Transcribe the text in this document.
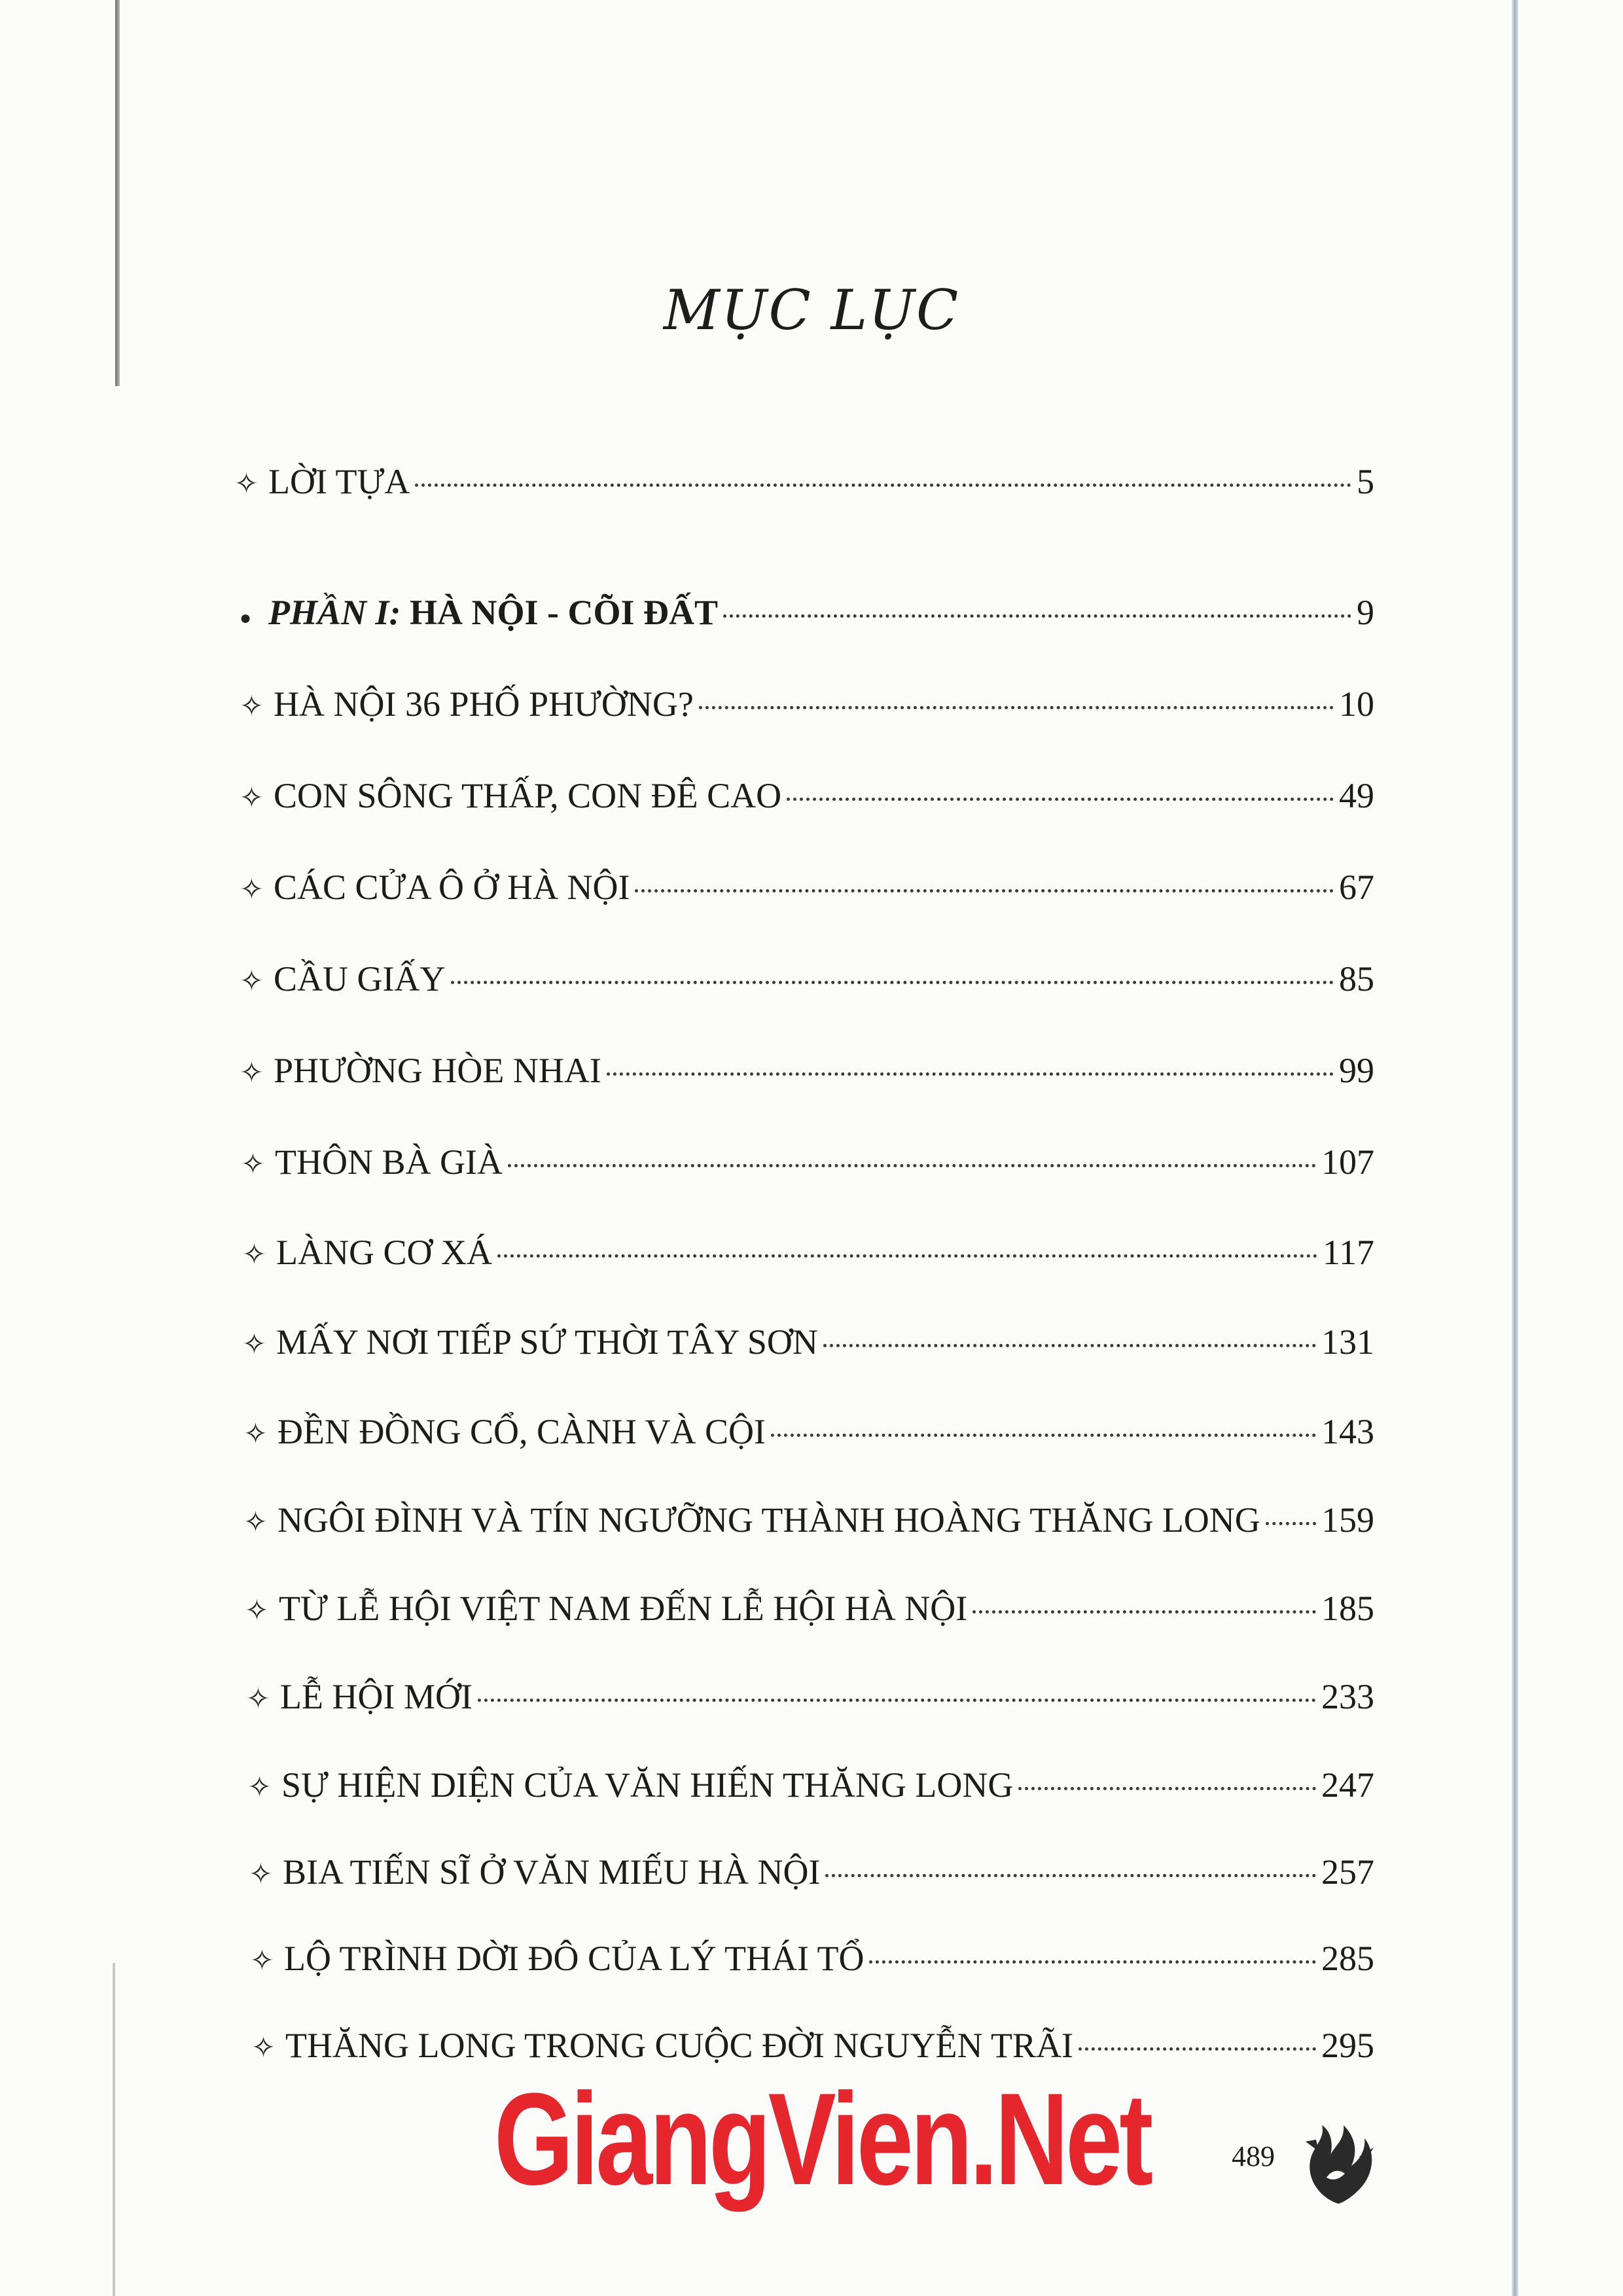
MỤC LỤC
✧ LỜI TỰA	5
● PHẦN I: HÀ NỘI - CÕI ĐẤT	9
✧ HÀ NỘI 36 PHỐ PHƯỜNG?	10
✧ CON SÔNG THẤP, CON ĐÊ CAO	49
✧ CÁC CỬA Ô Ở HÀ NỘI	67
✧ CẦU GIẤY	85
✧ PHƯỜNG HÒE NHAI	99
✧ THÔN BÀ GIÀ	107
✧ LÀNG CƠ XÁ	117
✧ MẤY NƠI TIẾP SỨ THỜI TÂY SƠN	131
✧ ĐỀN ĐỒNG CỔ, CÀNH VÀ CỘI	143
✧ NGÔI ĐÌNH VÀ TÍN NGƯỠNG THÀNH HOÀNG THĂNG LONG 159
✧ TỪ LỄ HỘI VIỆT NAM ĐẾN LỄ HỘI HÀ NỘI	185
✧ LỄ HỘI MỚI	233
✧ SỰ HIỆN DIỆN CỦA VĂN HIẾN THĂNG LONG	247
✧ BIA TIẾN SĨ Ở VĂN MIẾU HÀ NỘI	257
✧ LỘ TRÌNH DỜI ĐÔ CỦA LÝ THÁI TỔ	285
✧ THĂNG LONG TRONG CUỘC ĐỜI NGUYỄN TRÃI	295
GiangVien.Net	489
